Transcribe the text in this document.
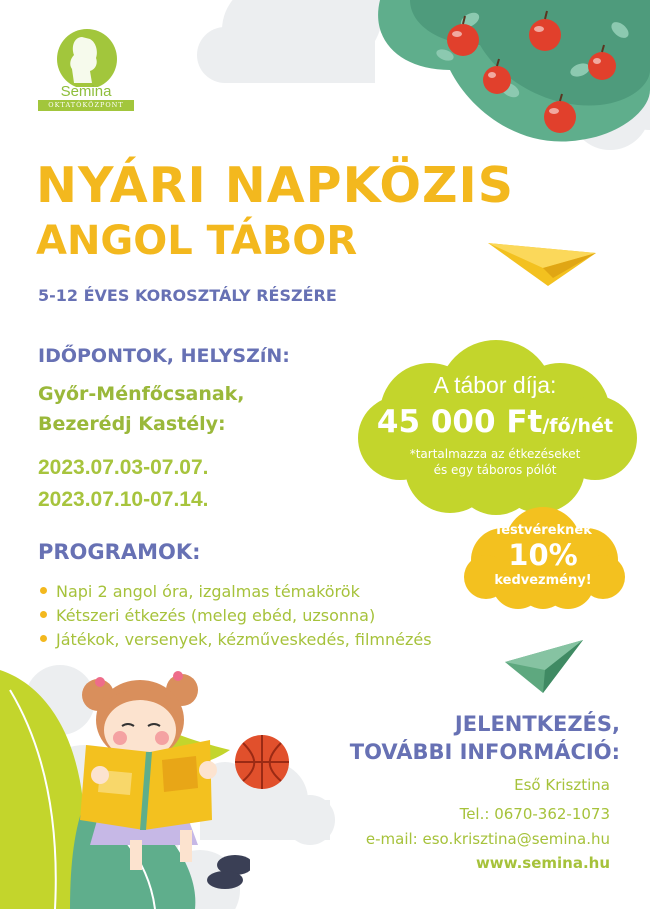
Semina
OKTATÓKÖZPONT
NYÁRI NAPKÖZIS
ANGOL TÁBOR
5-12 ÉVES KOROSZTÁLY RÉSZÉRE
IDŐPONTOK, HELYSZíN:
Győr-Ménfőcsanak,
Bezerédj Kastély:
2023.07.03-07.07.
2023.07.10-07.14.
A tábor díja:
45 000 Ft/fő/hét
*tartalmazza az étkezéseket
és egy táboros pólót
Testvéreknek
10%
kedvezmény!
PROGRAMOK:
Napi 2 angol óra, izgalmas témakörök
Kétszeri étkezés (meleg ebéd, uzsonna)
Játékok, versenyek, kézműveskedés, filmnézés
JELENTKEZÉS,
TOVÁBBI INFORMÁCIÓ:
Eső Krisztina
Tel.: 0670-362-1073
e-mail: eso.krisztina@semina.hu
www.semina.hu
